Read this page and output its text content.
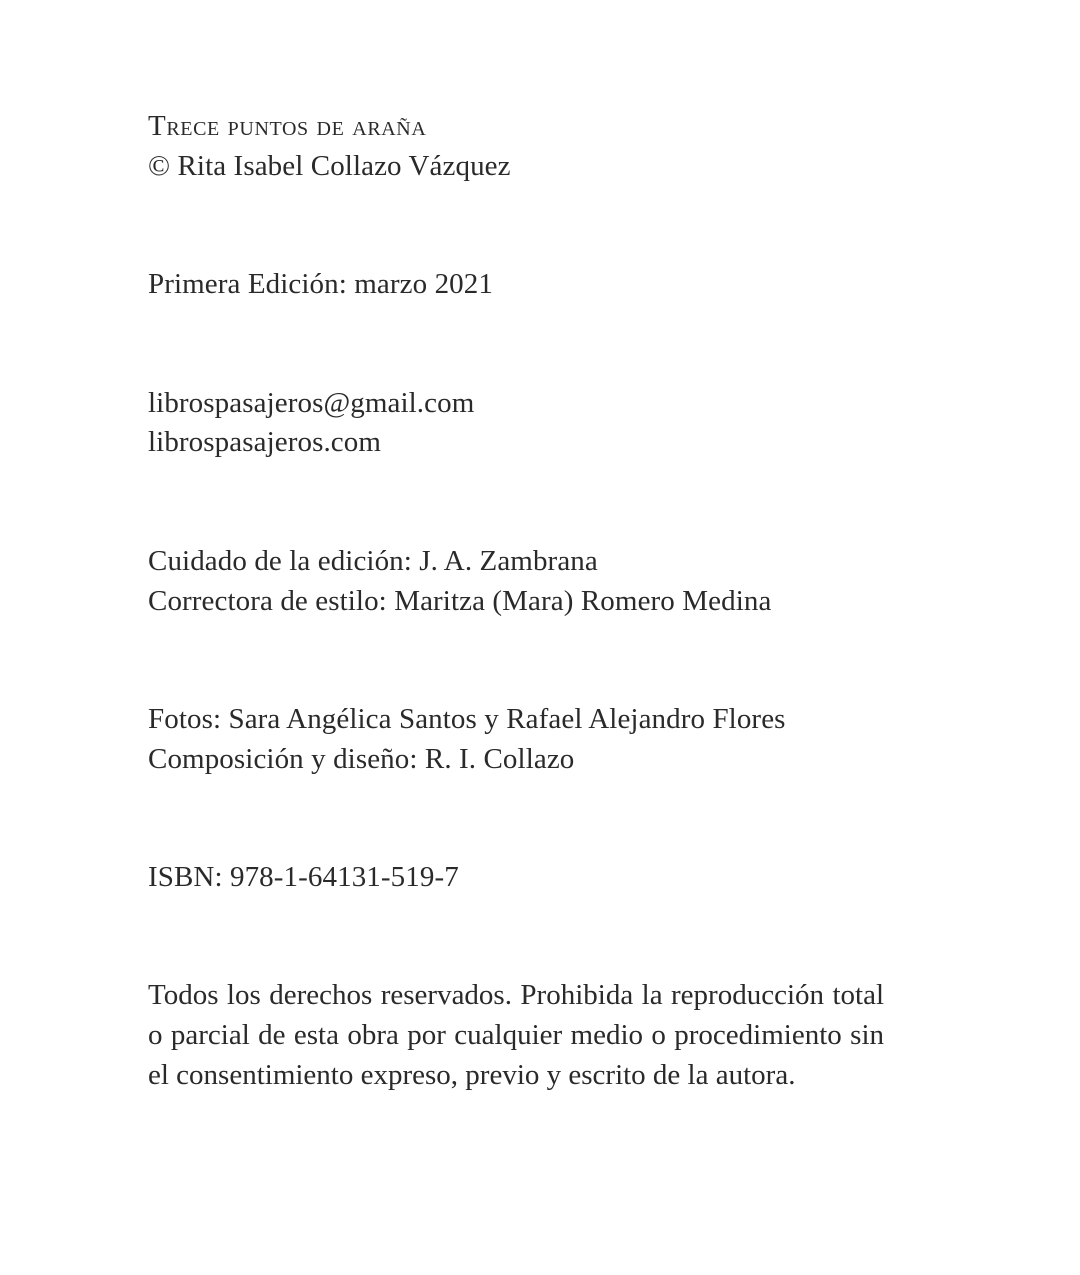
Trece puntos de araña
© Rita Isabel Collazo Vázquez
Primera Edición: marzo 2021
librospasajeros@gmail.com
librospasajeros.com
Cuidado de la edición: J. A. Zambrana
Correctora de estilo: Maritza (Mara) Romero Medina
Fotos: Sara Angélica Santos y Rafael Alejandro Flores
Composición y diseño: R. I. Collazo
ISBN: 978-1-64131-519-7
Todos los derechos reservados. Prohibida la reproducción total o parcial de esta obra por cualquier medio o procedimiento sin el consentimiento expreso, previo y escrito de la autora.
